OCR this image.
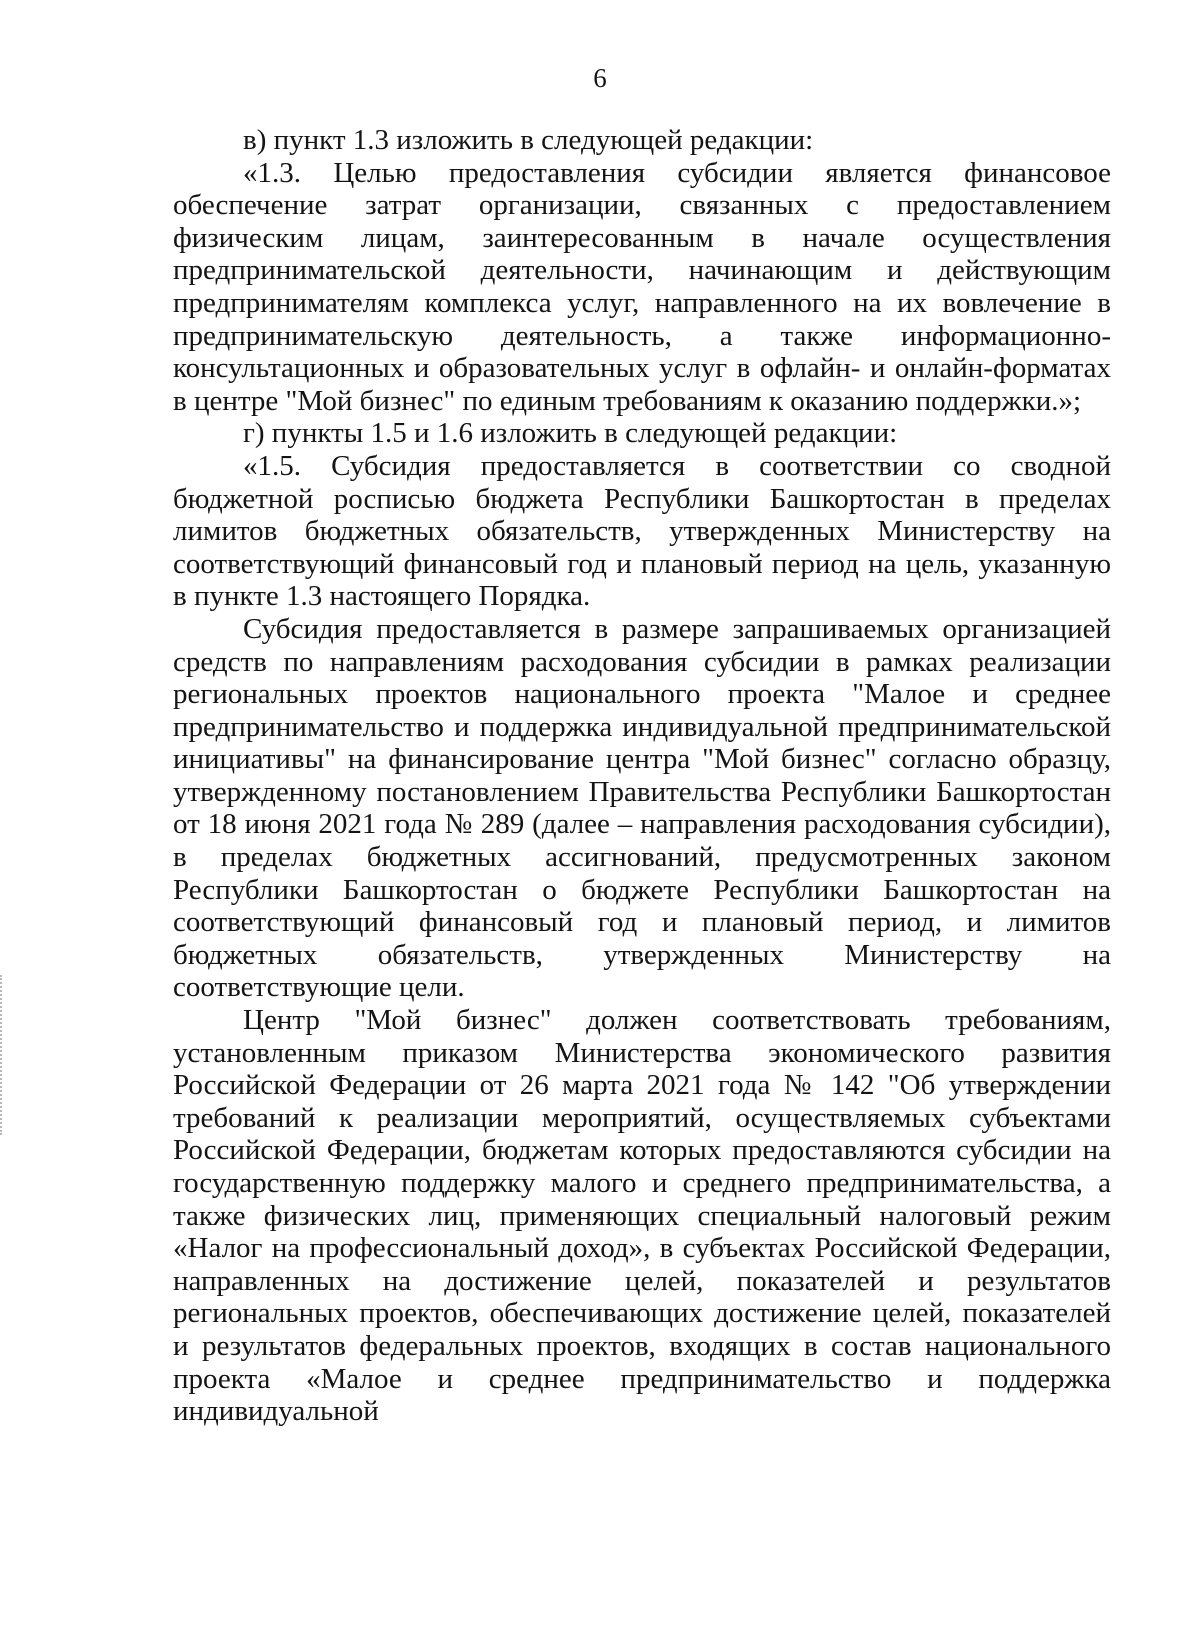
6

в) пункт 1.3 изложить в следующей редакции:

«1.3. Целью предоставления субсидии является финансовое обеспечение затрат организации, связанных с предоставлением физическим лицам, заинтересованным в начале осуществления предпринимательской деятельности, начинающим и действующим предпринимателям комплекса услуг, направленного на их вовлечение в предпринимательскую деятельность, а также информационно-консультационных и образовательных услуг в офлайн- и онлайн-форматах в центре "Мой бизнес" по единым требованиям к оказанию поддержки.»;

г) пункты 1.5 и 1.6 изложить в следующей редакции:

«1.5. Субсидия предоставляется в соответствии со сводной бюджетной росписью бюджета Республики Башкортостан в пределах лимитов бюджетных обязательств, утвержденных Министерству на соответствующий финансовый год и плановый период на цель, указанную в пункте 1.3 настоящего Порядка.

Субсидия предоставляется в размере запрашиваемых организацией средств по направлениям расходования субсидии в рамках реализации региональных проектов национального проекта "Малое и среднее предпринимательство и поддержка индивидуальной предпринимательской инициативы" на финансирование центра "Мой бизнес" согласно образцу, утвержденному постановлением Правительства Республики Башкортостан от 18 июня 2021 года № 289 (далее – направления расходования субсидии), в пределах бюджетных ассигнований, предусмотренных законом Республики Башкортостан о бюджете Республики Башкортостан на соответствующий финансовый год и плановый период, и лимитов бюджетных обязательств, утвержденных Министерству на соответствующие цели.

Центр "Мой бизнес" должен соответствовать требованиям, установленным приказом Министерства экономического развития Российской Федерации от 26 марта 2021 года № 142 "Об утверждении требований к реализации мероприятий, осуществляемых субъектами Российской Федерации, бюджетам которых предоставляются субсидии на государственную поддержку малого и среднего предпринимательства, а также физических лиц, применяющих специальный налоговый режим «Налог на профессиональный доход», в субъектах Российской Федерации, направленных на достижение целей, показателей и результатов региональных проектов, обеспечивающих достижение целей, показателей и результатов федеральных проектов, входящих в состав национального проекта «Малое и среднее предпринимательство и поддержка индивидуальной
